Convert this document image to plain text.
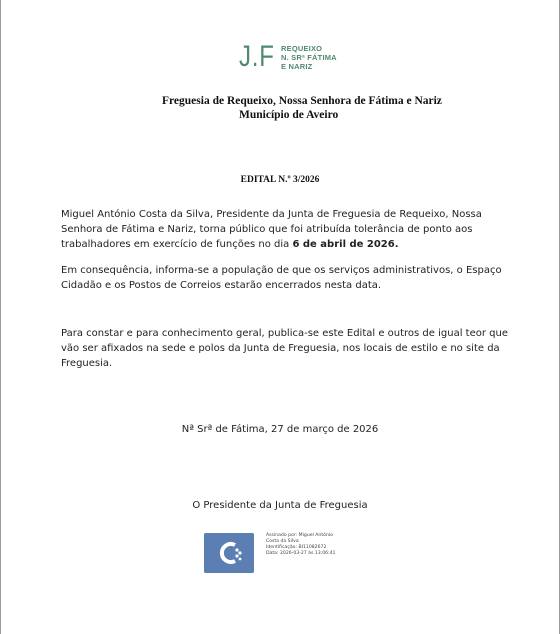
J.F REQUEIXO
N. SRª FÁTIMA
E NARIZ
Freguesia de Requeixo, Nossa Senhora de Fátima e Nariz
Município de Aveiro
EDITAL N.º 3/2026
Miguel António Costa da Silva, Presidente da Junta de Freguesia de Requeixo, Nossa Senhora de Fátima e Nariz, torna público que foi atribuída tolerância de ponto aos trabalhadores em exercício de funções no dia 6 de abril de 2026.
Em consequência, informa-se a população de que os serviços administrativos, o Espaço Cidadão e os Postos de Correios estarão encerrados nesta data.
Para constar e para conhecimento geral, publica-se este Edital e outros de igual teor que vão ser afixados na sede e polos da Junta de Freguesia, nos locais de estilo e no site da Freguesia.
Nª Srª de Fátima, 27 de março de 2026
O Presidente da Junta de Freguesia
Assinado por: Miguel António
Costa da Silva
Identificação: BI11082672
Data: 2026-03-27 às 13:06:41
